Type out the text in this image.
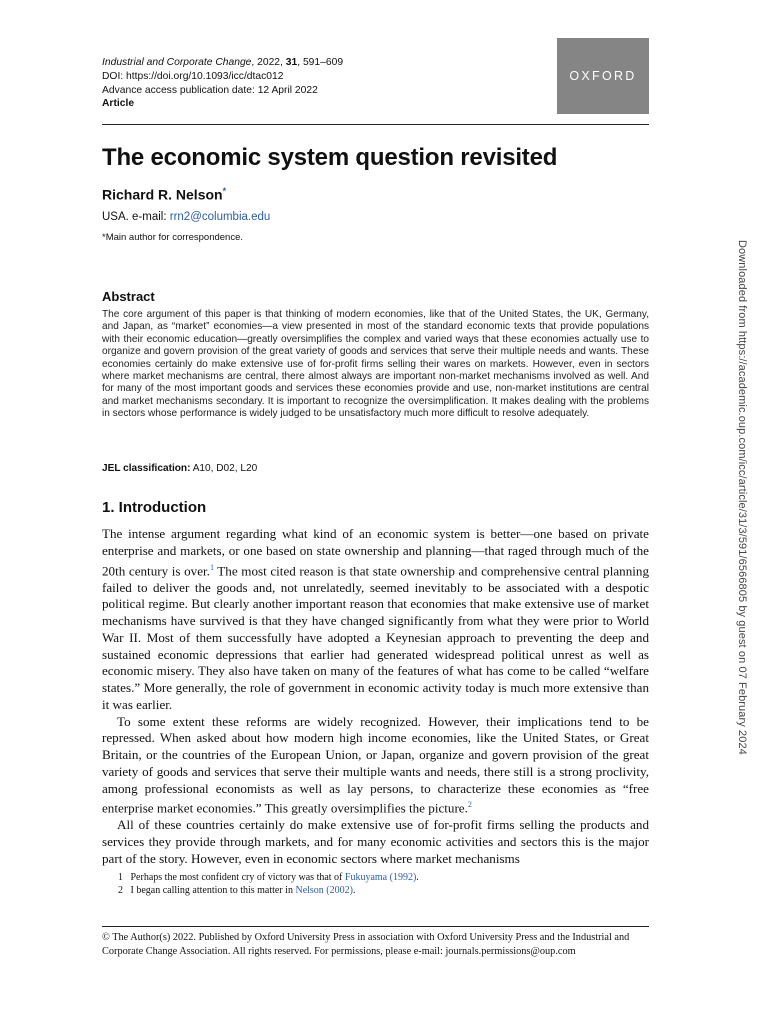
Industrial and Corporate Change, 2022, 31, 591–609
DOI: https://doi.org/10.1093/icc/dtac012
Advance access publication date: 12 April 2022
Article
OXFORD
The economic system question revisited
Richard R. Nelson*
USA. e-mail: rrn2@columbia.edu
*Main author for correspondence.
Abstract

The core argument of this paper is that thinking of modern economies, like that of the United States, the UK, Germany, and Japan, as “market” economies—a view presented in most of the standard economic texts that provide populations with their economic education—greatly oversimplifies the complex and varied ways that these economies actually use to organize and govern provision of the great variety of goods and services that serve their multiple needs and wants. These economies certainly do make extensive use of for-profit firms selling their wares on markets. However, even in sectors where market mechanisms are central, there almost always are important non-market mechanisms involved as well. And for many of the most important goods and services these economies provide and use, non-market institutions are central and market mechanisms secondary. It is important to recognize the oversimplification. It makes dealing with the problems in sectors whose performance is widely judged to be unsatisfactory much more difficult to resolve adequately.

JEL classification: A10, D02, L20
1. Introduction

The intense argument regarding what kind of an economic system is better—one based on private enterprise and markets, or one based on state ownership and planning—that raged through much of the 20th century is over.$^1$ The most cited reason is that state ownership and comprehensive central planning failed to deliver the goods and, not unrelatedly, seemed inevitably to be associated with a despotic political regime. But clearly another important reason that economies that make extensive use of market mechanisms have survived is that they have changed significantly from what they were prior to World War II. Most of them successfully have adopted a Keynesian approach to preventing the deep and sustained economic depressions that earlier had generated widespread political unrest as well as economic misery. They also have taken on many of the features of what has come to be called “welfare states.” More generally, the role of government in economic activity today is much more extensive than it was earlier.

To some extent these reforms are widely recognized. However, their implications tend to be repressed. When asked about how modern high income economies, like the United States, or Great Britain, or the countries of the European Union, or Japan, organize and govern provision of the great variety of goods and services that serve their multiple wants and needs, there still is a strong proclivity, among professional economists as well as lay persons, to characterize these economies as “free enterprise market economies.” This greatly oversimplifies the picture.$^2$

All of these countries certainly do make extensive use of for-profit firms selling the products and services they provide through markets, and for many economic activities and sectors this is the major part of the story. However, even in economic sectors where market mechanisms

1 Perhaps the most confident cry of victory was that of Fukuyama (1992).
2 I began calling attention to this matter in Nelson (2002).
© The Author(s) 2022. Published by Oxford University Press in association with Oxford University Press and the Industrial and Corporate Change Association. All rights reserved. For permissions, please e-mail: journals.permissions@oup.com
Downloaded from https://academic.oup.com/icc/article/31/3/591/6566805 by guest on 07 February 2024
